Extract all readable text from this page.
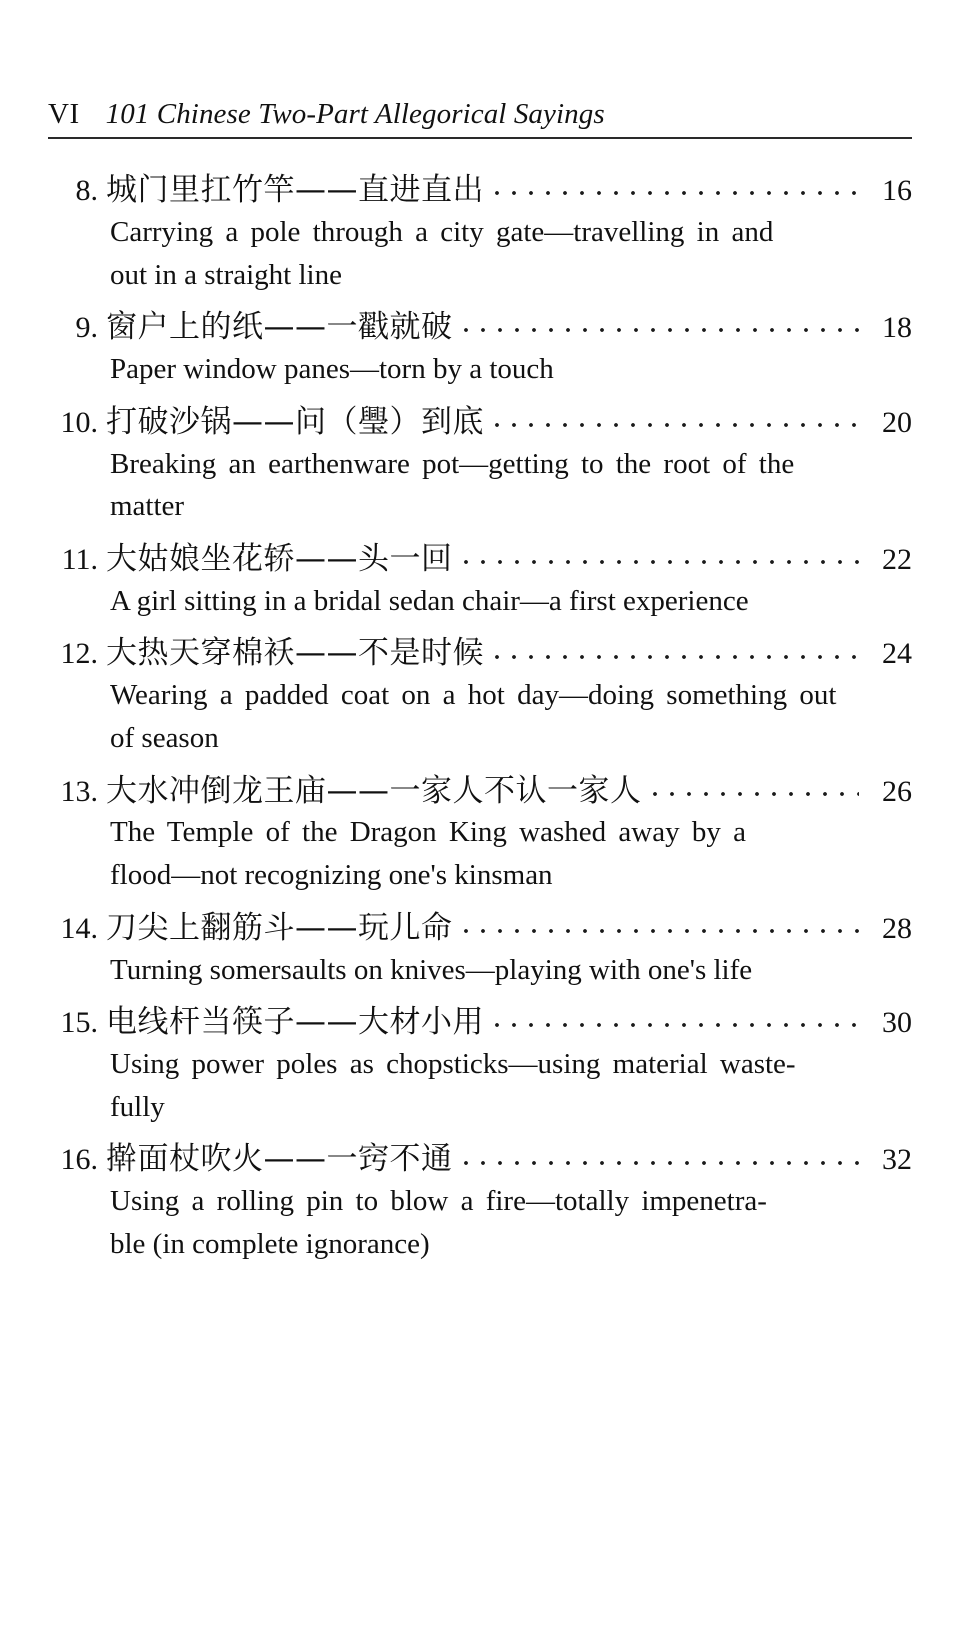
VI 101 Chinese Two-Part Allegorical Sayings
8. 城门里扛竹竿——直进直出	16
Carrying a pole through a city gate—travelling in and
out in a straight line
9. 窗户上的纸——一戳就破	18
Paper window panes—torn by a touch
10. 打破沙锅——问（璺）到底	20
Breaking an earthenware pot—getting to the root of the
matter
11. 大姑娘坐花轿——头一回	22
A girl sitting in a bridal sedan chair—a first experience
12. 大热天穿棉袄——不是时候	24
Wearing a padded coat on a hot day—doing something out
of season
13. 大水冲倒龙王庙——一家人不认一家人	26
The Temple of the Dragon King washed away by a
flood—not recognizing one's kinsman
14. 刀尖上翻筋斗——玩儿命	28
Turning somersaults on knives—playing with one's life
15. 电线杆当筷子——大材小用	30
Using power poles as chopsticks—using material waste-
fully
16. 擀面杖吹火——一窍不通	32
Using a rolling pin to blow a fire—totally impenetra-
ble (in complete ignorance)
